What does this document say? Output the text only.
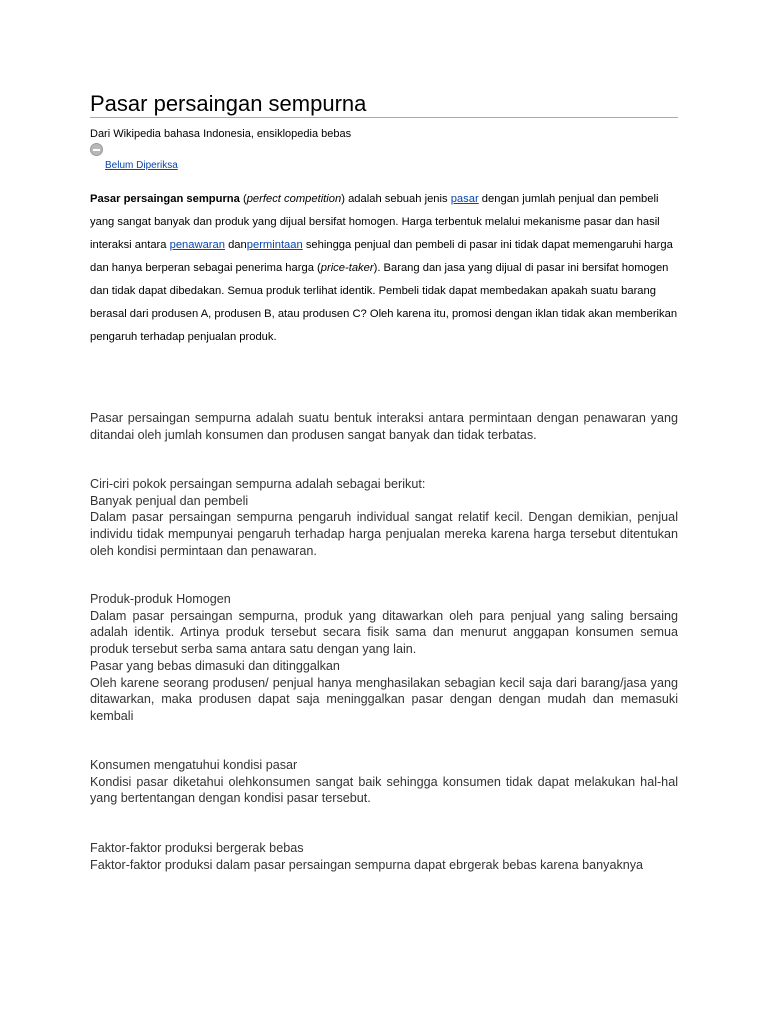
Pasar persaingan sempurna
Dari Wikipedia bahasa Indonesia, ensiklopedia bebas
Belum Diperiksa

Pasar persaingan sempurna (perfect competition) adalah sebuah jenis pasar dengan jumlah penjual dan pembeli yang sangat banyak dan produk yang dijual bersifat homogen. Harga terbentuk melalui mekanisme pasar dan hasil interaksi antara penawaran danpermintaan sehingga penjual dan pembeli di pasar ini tidak dapat memengaruhi harga dan hanya berperan sebagai penerima harga (price-taker). Barang dan jasa yang dijual di pasar ini bersifat homogen dan tidak dapat dibedakan. Semua produk terlihat identik. Pembeli tidak dapat membedakan apakah suatu barang berasal dari produsen A, produsen B, atau produsen C? Oleh karena itu, promosi dengan iklan tidak akan memberikan pengaruh terhadap penjualan produk.

Pasar persaingan sempurna adalah suatu bentuk interaksi antara permintaan dengan penawaran yang ditandai oleh jumlah konsumen dan produsen sangat banyak dan tidak terbatas.

Ciri-ciri pokok persaingan sempurna adalah sebagai berikut:
Banyak penjual dan pembeli
Dalam pasar persaingan sempurna pengaruh individual sangat relatif kecil. Dengan demikian, penjual individu tidak mempunyai pengaruh terhadap harga penjualan mereka karena harga tersebut ditentukan oleh kondisi permintaan dan penawaran.
Produk-produk Homogen
Dalam pasar persaingan sempurna, produk yang ditawarkan oleh para penjual yang saling bersaing adalah identik. Artinya produk tersebut secara fisik sama dan menurut anggapan konsumen semua produk tersebut serba sama antara satu dengan yang lain.
Pasar yang bebas dimasuki dan ditinggalkan
Oleh karene seorang produsen/ penjual hanya menghasilakan sebagian kecil saja dari barang/jasa yang ditawarkan, maka produsen dapat saja meninggalkan pasar dengan dengan mudah dan memasuki kembali
Konsumen mengatuhui kondisi pasar
Kondisi pasar diketahui olehkonsumen sangat baik sehingga konsumen tidak dapat melakukan hal-hal yang bertentangan dengan kondisi pasar tersebut.
Faktor-faktor produksi bergerak bebas
Faktor-faktor produksi dalam pasar persaingan sempurna dapat ebrgerak bebas karena banyaknya
